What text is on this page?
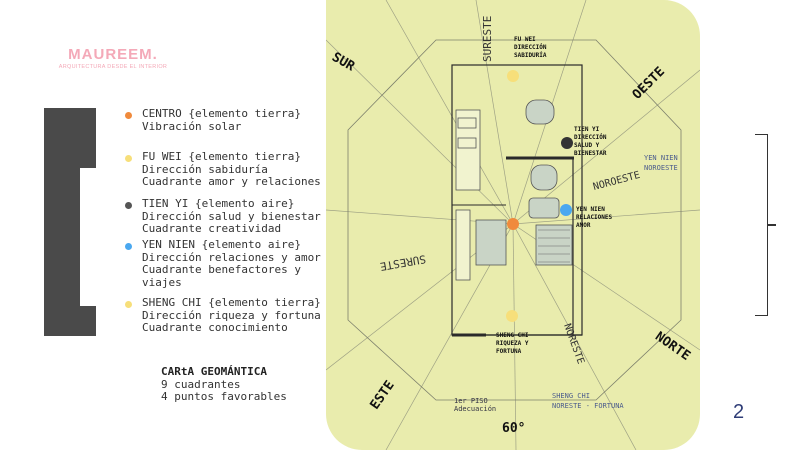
MAUREEM.
ARQUITECTURA DESDE EL INTERIOR
CENTRO {elemento tierra}
Vibración solar
FU WEI {elemento tierra}
Dirección sabiduría
Cuadrante amor y relaciones
TIEN YI {elemento aire}
Dirección salud y bienestar
Cuadrante creatividad
YEN NIEN {elemento aire}
Dirección relaciones y amor
Cuadrante benefactores y
viajes
SHENG CHI {elemento tierra}
Dirección riqueza y fortuna
Cuadrante conocimiento
CARtA GEOMÁNTICA
9 cuadrantes
4 puntos favorables
SUR
OESTE
ESTE
NORTE
SURESTE
SURESTE
NOROESTE
NORESTE
FU WEI
DIRECCIÓN
SABIDURÍA
TIEN YI
DIRECCIÓN
SALUD Y
BIENESTAR
YEN NIEN
RELACIONES
AMOR
SHENG CHI
RIQUEZA Y
FORTUNA
1er PISO
Adecuación
SHENG CHI
NORESTE - FORTUNA
YEN NIEN
NOROESTE
60°
2
